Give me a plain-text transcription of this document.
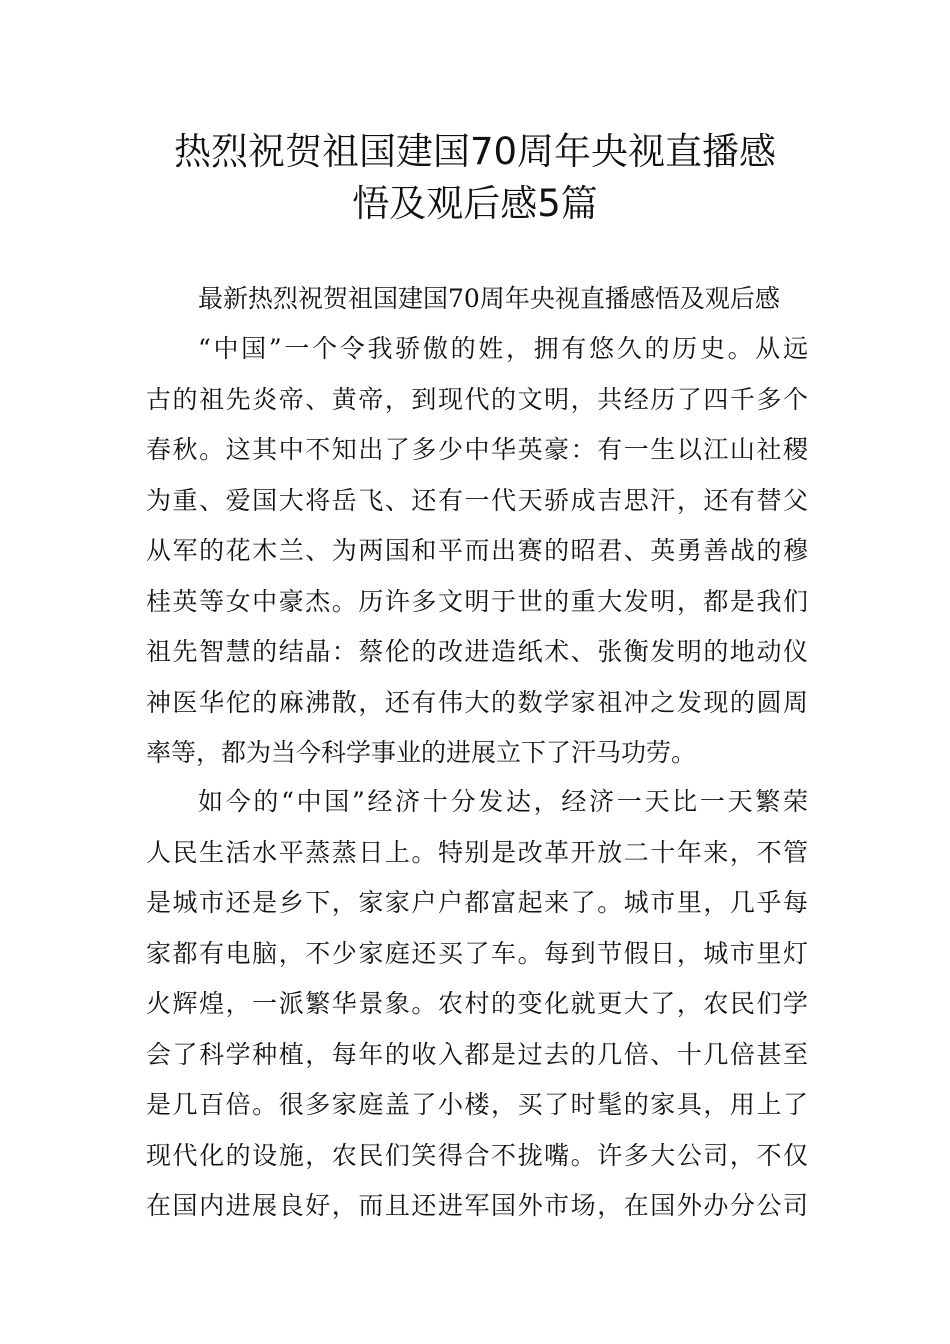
热烈祝贺祖国建国70周年央视直播感
悟及观后感5篇

最新热烈祝贺祖国建国70周年央视直播感悟及观后感

“中国”一个令我骄傲的姓，拥有悠久的历史。从远
古的祖先炎帝、黄帝，到现代的文明，共经历了四千多个
春秋。这其中不知出了多少中华英豪：有一生以江山社稷
为重、爱国大将岳飞、还有一代天骄成吉思汗，还有替父
从军的花木兰、为两国和平而出赛的昭君、英勇善战的穆
桂英等女中豪杰。历许多文明于世的重大发明，都是我们
祖先智慧的结晶：蔡伦的改进造纸术、张衡发明的地动仪
神医华佗的麻沸散，还有伟大的数学家祖冲之发现的圆周
率等，都为当今科学事业的进展立下了汗马功劳。

如今的“中国”经济十分发达，经济一天比一天繁荣
人民生活水平蒸蒸日上。特别是改革开放二十年来，不管
是城市还是乡下，家家户户都富起来了。城市里，几乎每
家都有电脑，不少家庭还买了车。每到节假日，城市里灯
火辉煌，一派繁华景象。农村的变化就更大了，农民们学
会了科学种植，每年的收入都是过去的几倍、十几倍甚至
是几百倍。很多家庭盖了小楼，买了时髦的家具，用上了
现代化的设施，农民们笑得合不拢嘴。许多大公司，不仅
在国内进展良好，而且还进军国外市场，在国外办分公司
